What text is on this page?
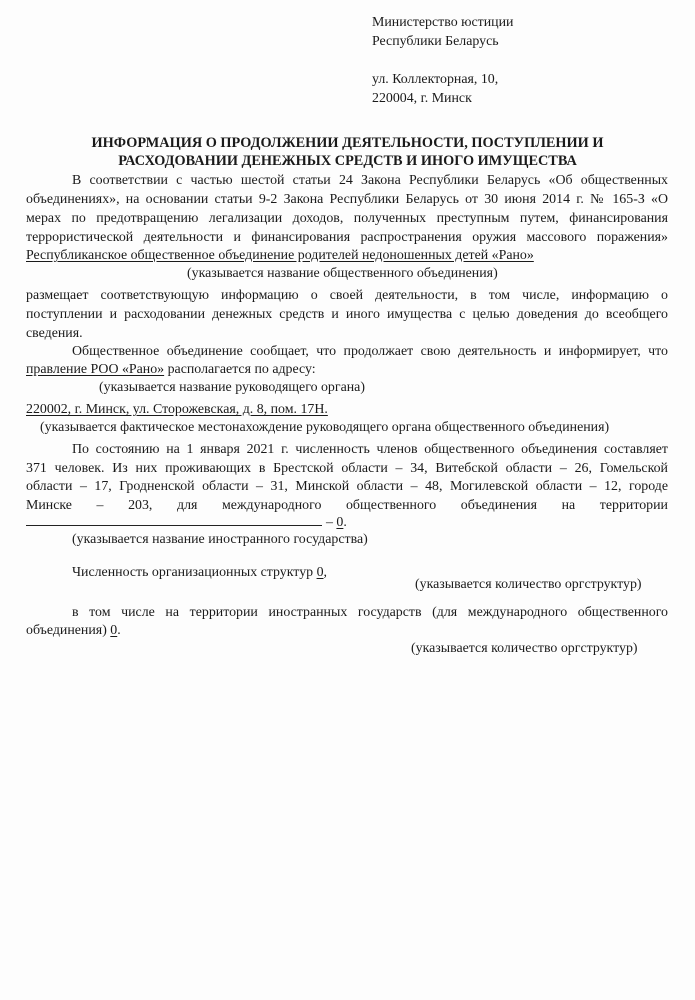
Министерство юстиции
Республики Беларусь
ул. Коллекторная, 10,
220004, г. Минск
ИНФОРМАЦИЯ О ПРОДОЛЖЕНИИ ДЕЯТЕЛЬНОСТИ, ПОСТУПЛЕНИИ И
РАСХОДОВАНИИ ДЕНЕЖНЫХ СРЕДСТВ И ИНОГО ИМУЩЕСТВА
В соответствии с частью шестой статьи 24 Закона Республики Беларусь «Об общественных
объединениях», на основании статьи 9-2 Закона Республики Беларусь от 30 июня 2014 г. № 165-З «О
мерах по предотвращению легализации доходов, полученных преступным путем, финансирования
террористической деятельности и финансирования распространения оружия массового поражения»
Республиканское общественное объединение родителей недоношенных детей «Рано»
(указывается название общественного объединения)
размещает соответствующую информацию о своей деятельности, в том числе, информацию о
поступлении и расходовании денежных средств и иного имущества с целью доведения до всеобщего
сведения.
Общественное объединение сообщает, что продолжает свою деятельность и информирует, что
правление РОО «Рано» располагается по адресу:
(указывается название руководящего органа)
220002, г. Минск, ул. Сторожевская, д. 8, пом. 17Н.
(указывается фактическое местонахождение руководящего органа общественного объединения)
По состоянию на 1 января 2021 г. численность членов общественного объединения составляет
371 человек. Из них проживающих в Брестской области – 34, Витебской области – 26, Гомельской
области – 17, Гродненской области – 31, Минской области – 48, Могилевской области – 12, городе
Минске – 203, для международного общественного объединения на территории
– 0.
(указывается название иностранного государства)
Численность организационных структур 0,
(указывается количество оргструктур)
в том числе на территории иностранных государств (для международного общественного
объединения) 0.
(указывается количество оргструктур)
